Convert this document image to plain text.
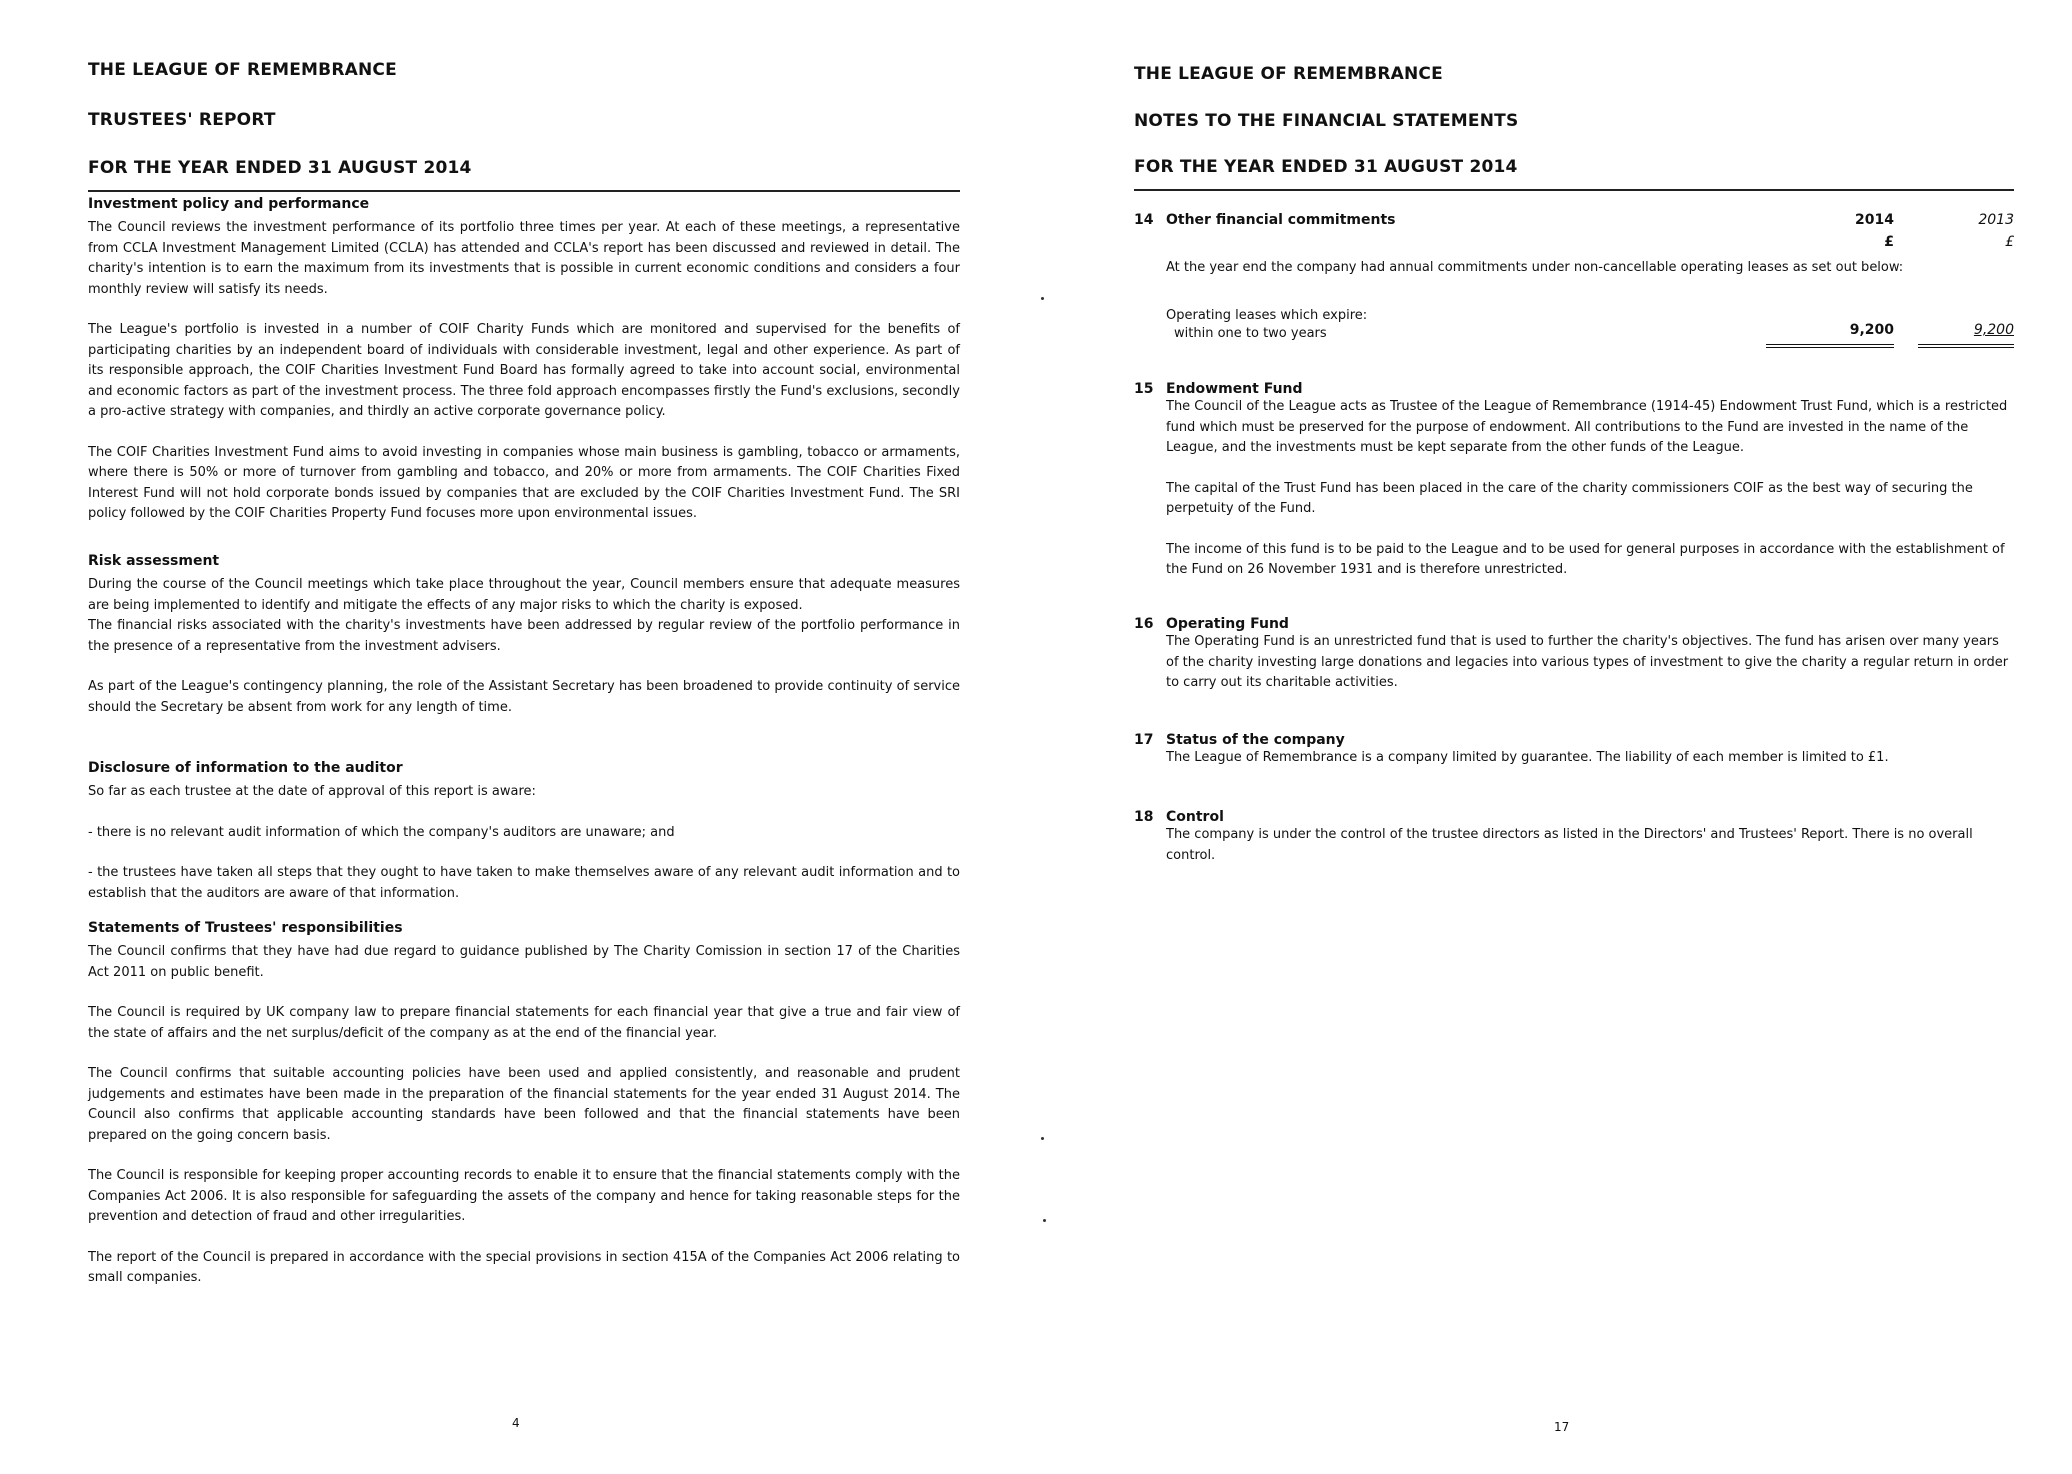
THE LEAGUE OF REMEMBRANCE
TRUSTEES' REPORT
FOR THE YEAR ENDED 31 AUGUST 2014
Investment policy and performance

The Council reviews the investment performance of its portfolio three times per year. At each of these meetings, a representative from CCLA Investment Management Limited (CCLA) has attended and CCLA's report has been discussed and reviewed in detail. The charity's intention is to earn the maximum from its investments that is possible in current economic conditions and considers a four monthly review will satisfy its needs.

The League's portfolio is invested in a number of COIF Charity Funds which are monitored and supervised for the benefits of participating charities by an independent board of individuals with considerable investment, legal and other experience. As part of its responsible approach, the COIF Charities Investment Fund Board has formally agreed to take into account social, environmental and economic factors as part of the investment process. The three fold approach encompasses firstly the Fund's exclusions, secondly a pro-active strategy with companies, and thirdly an active corporate governance policy.

The COIF Charities Investment Fund aims to avoid investing in companies whose main business is gambling, tobacco or armaments, where there is 50% or more of turnover from gambling and tobacco, and 20% or more from armaments. The COIF Charities Fixed Interest Fund will not hold corporate bonds issued by companies that are excluded by the COIF Charities Investment Fund. The SRI policy followed by the COIF Charities Property Fund focuses more upon environmental issues.

Risk assessment

During the course of the Council meetings which take place throughout the year, Council members ensure that adequate measures are being implemented to identify and mitigate the effects of any major risks to which the charity is exposed.

The financial risks associated with the charity's investments have been addressed by regular review of the portfolio performance in the presence of a representative from the investment advisers.

As part of the League's contingency planning, the role of the Assistant Secretary has been broadened to provide continuity of service should the Secretary be absent from work for any length of time.

Disclosure of information to the auditor

So far as each trustee at the date of approval of this report is aware:

- there is no relevant audit information of which the company's auditors are unaware; and

- the trustees have taken all steps that they ought to have taken to make themselves aware of any relevant audit information and to establish that the auditors are aware of that information.

Statements of Trustees' responsibilities

The Council confirms that they have had due regard to guidance published by The Charity Comission in section 17 of the Charities Act 2011 on public benefit.

The Council is required by UK company law to prepare financial statements for each financial year that give a true and fair view of the state of affairs and the net surplus/deficit of the company as at the end of the financial year.

The Council confirms that suitable accounting policies have been used and applied consistently, and reasonable and prudent judgements and estimates have been made in the preparation of the financial statements for the year ended 31 August 2014. The Council also confirms that applicable accounting standards have been followed and that the financial statements have been prepared on the going concern basis.

The Council is responsible for keeping proper accounting records to enable it to ensure that the financial statements comply with the Companies Act 2006. It is also responsible for safeguarding the assets of the company and hence for taking reasonable steps for the prevention and detection of fraud and other irregularities.

The report of the Council is prepared in accordance with the special provisions in section 415A of the Companies Act 2006 relating to small companies.

4
THE LEAGUE OF REMEMBRANCE
NOTES TO THE FINANCIAL STATEMENTS
FOR THE YEAR ENDED 31 AUGUST 2014
14 Other financial commitments	2014	2013
£	£

At the year end the company had annual commitments under non-cancellable operating leases as set out below:

Operating leases which expire:
within one to two years	9,200	9,200
15 Endowment Fund

The Council of the League acts as Trustee of the League of Remembrance (1914-45) Endowment Trust Fund, which is a restricted fund which must be preserved for the purpose of endowment. All contributions to the Fund are invested in the name of the League, and the investments must be kept separate from the other funds of the League.

The capital of the Trust Fund has been placed in the care of the charity commissioners COIF as the best way of securing the perpetuity of the Fund.

The income of this fund is to be paid to the League and to be used for general purposes in accordance with the establishment of the Fund on 26 November 1931 and is therefore unrestricted.

16 Operating Fund

The Operating Fund is an unrestricted fund that is used to further the charity's objectives. The fund has arisen over many years of the charity investing large donations and legacies into various types of investment to give the charity a regular return in order to carry out its charitable activities.

17 Status of the company

The League of Remembrance is a company limited by guarantee. The liability of each member is limited to £1.

18 Control

The company is under the control of the trustee directors as listed in the Directors' and Trustees' Report. There is no overall control.

17
